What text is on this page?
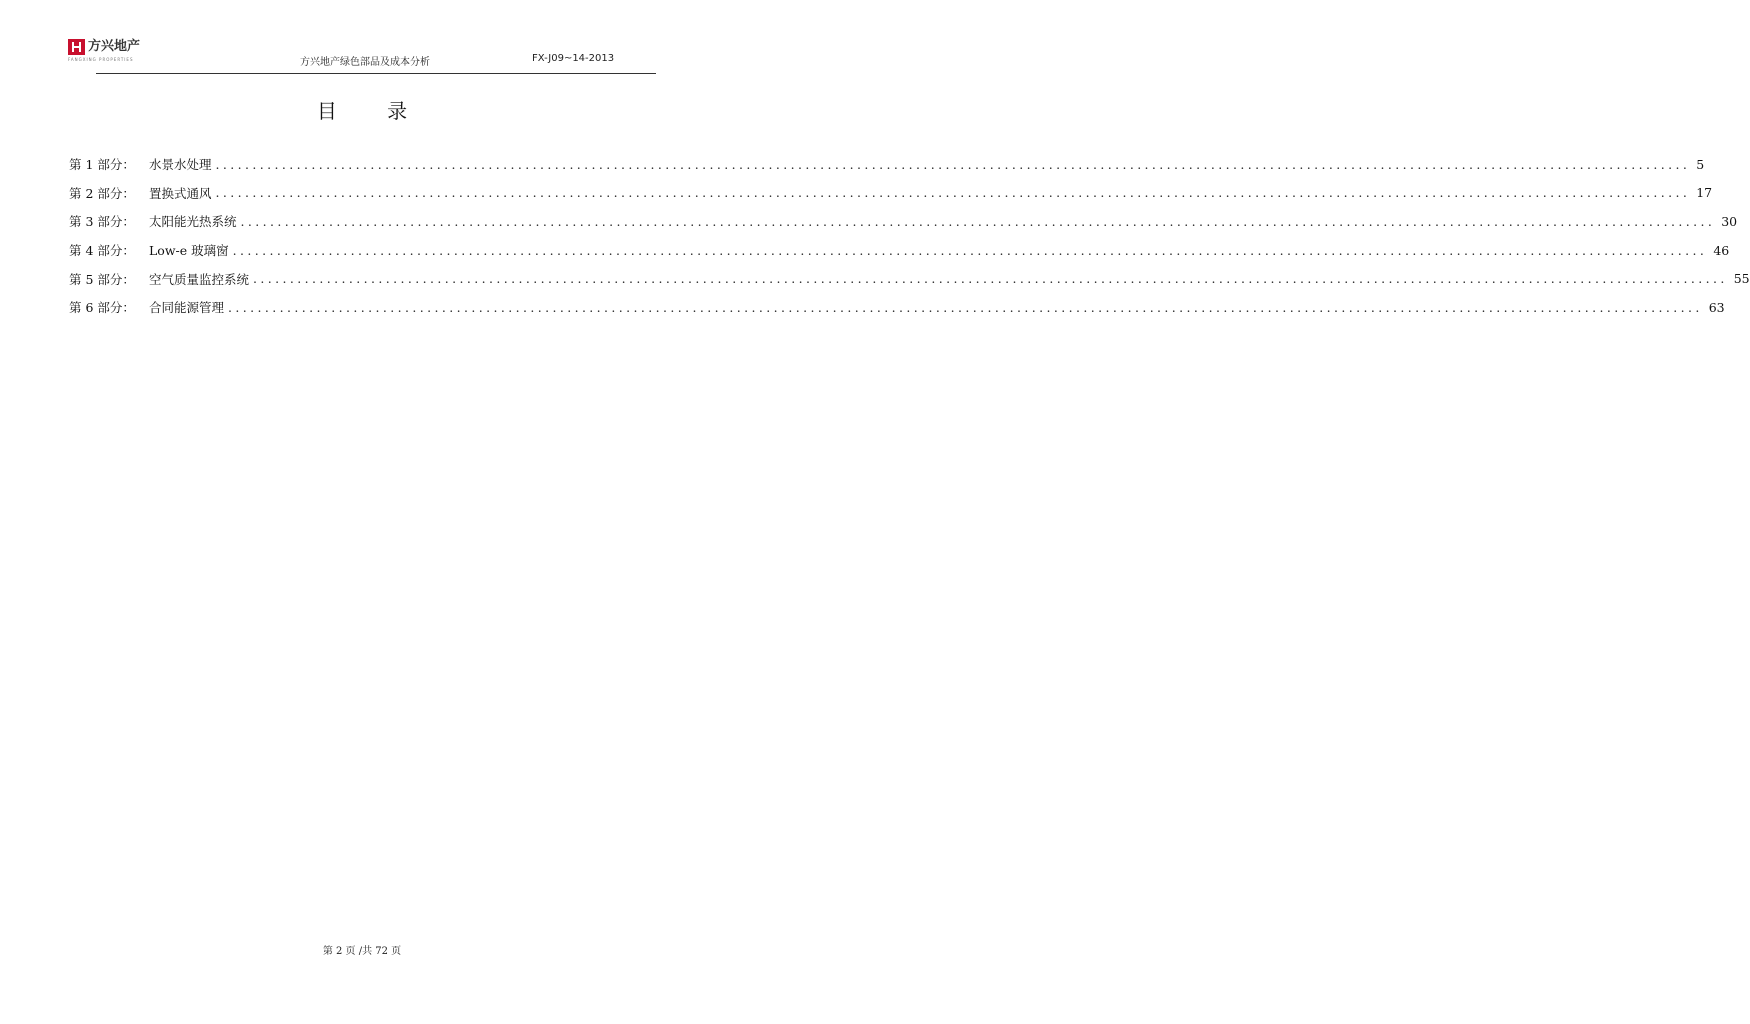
方兴地产
FANGXING PROPERTIES	方兴地产绿色部品及成本分析	FX-J09~14-2013
目 录
第 1 部分：	水景水处理 ........................................................................................................................................................................................................ 5
第 2 部分：	置换式通风 ........................................................................................................................................................................................................ 17
第 3 部分：	太阳能光热系统 ........................................................................................................................................................................................................ 30
第 4 部分：	Low-e 玻璃窗 ........................................................................................................................................................................................................ 46
第 5 部分：	空气质量监控系统 ........................................................................................................................................................................................................ 55
第 6 部分：	合同能源管理 ........................................................................................................................................................................................................ 63
第 2 页 /共 72 页
